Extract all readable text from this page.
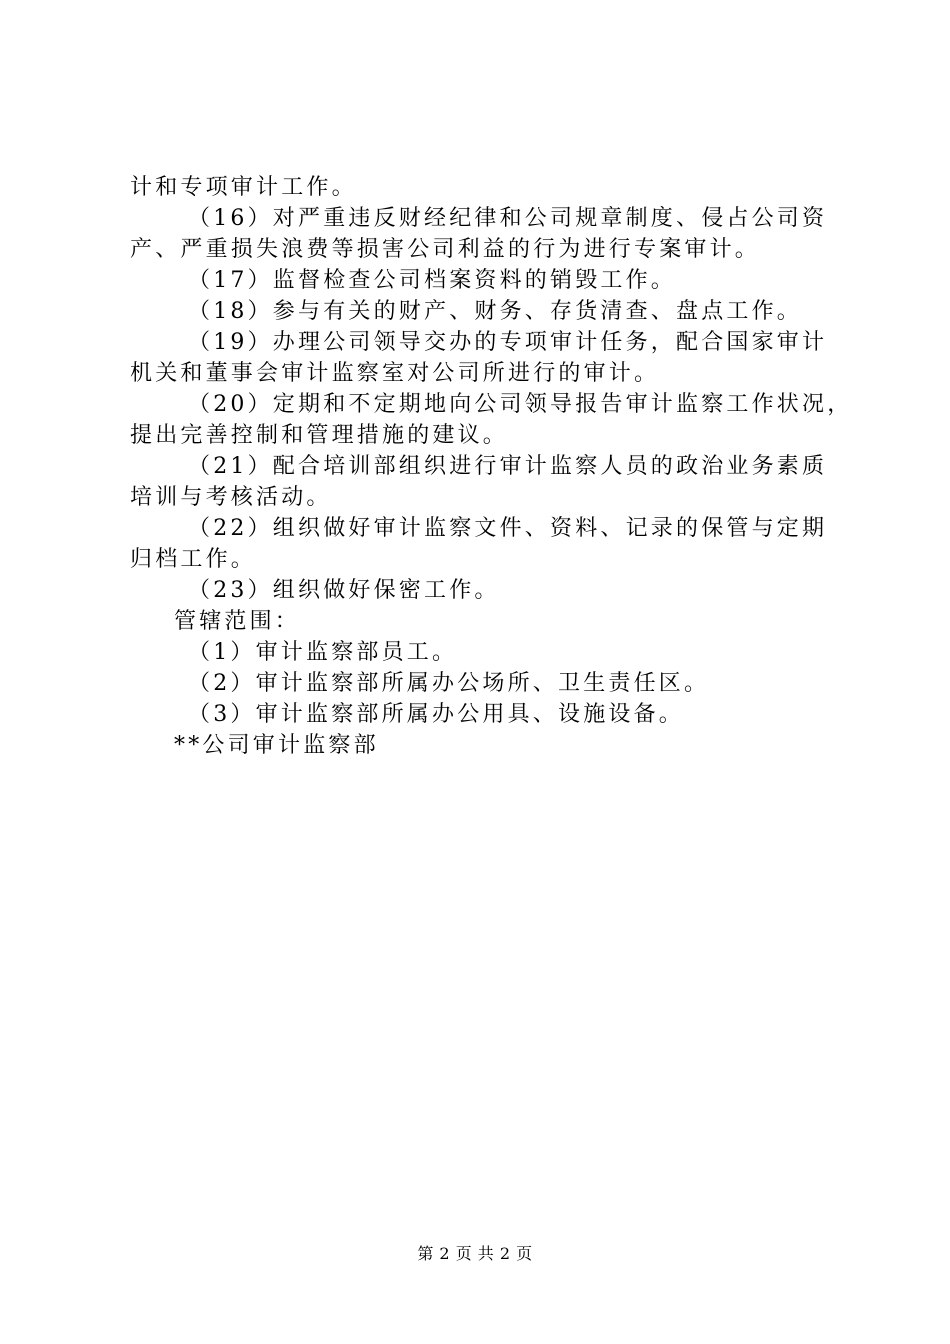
计和专项审计工作。
（16）对严重违反财经纪律和公司规章制度、侵占公司资
产、严重损失浪费等损害公司利益的行为进行专案审计。
（17）监督检查公司档案资料的销毁工作。
（18）参与有关的财产、财务、存货清查、盘点工作。
（19）办理公司领导交办的专项审计任务，配合国家审计
机关和董事会审计监察室对公司所进行的审计。
（20）定期和不定期地向公司领导报告审计监察工作状况，
提出完善控制和管理措施的建议。
（21）配合培训部组织进行审计监察人员的政治业务素质
培训与考核活动。
（22）组织做好审计监察文件、资料、记录的保管与定期
归档工作。
（23）组织做好保密工作。
管辖范围：
（1）审计监察部员工。
（2）审计监察部所属办公场所、卫生责任区。
（3）审计监察部所属办公用具、设施设备。
**公司审计监察部
第 2 页 共 2 页
